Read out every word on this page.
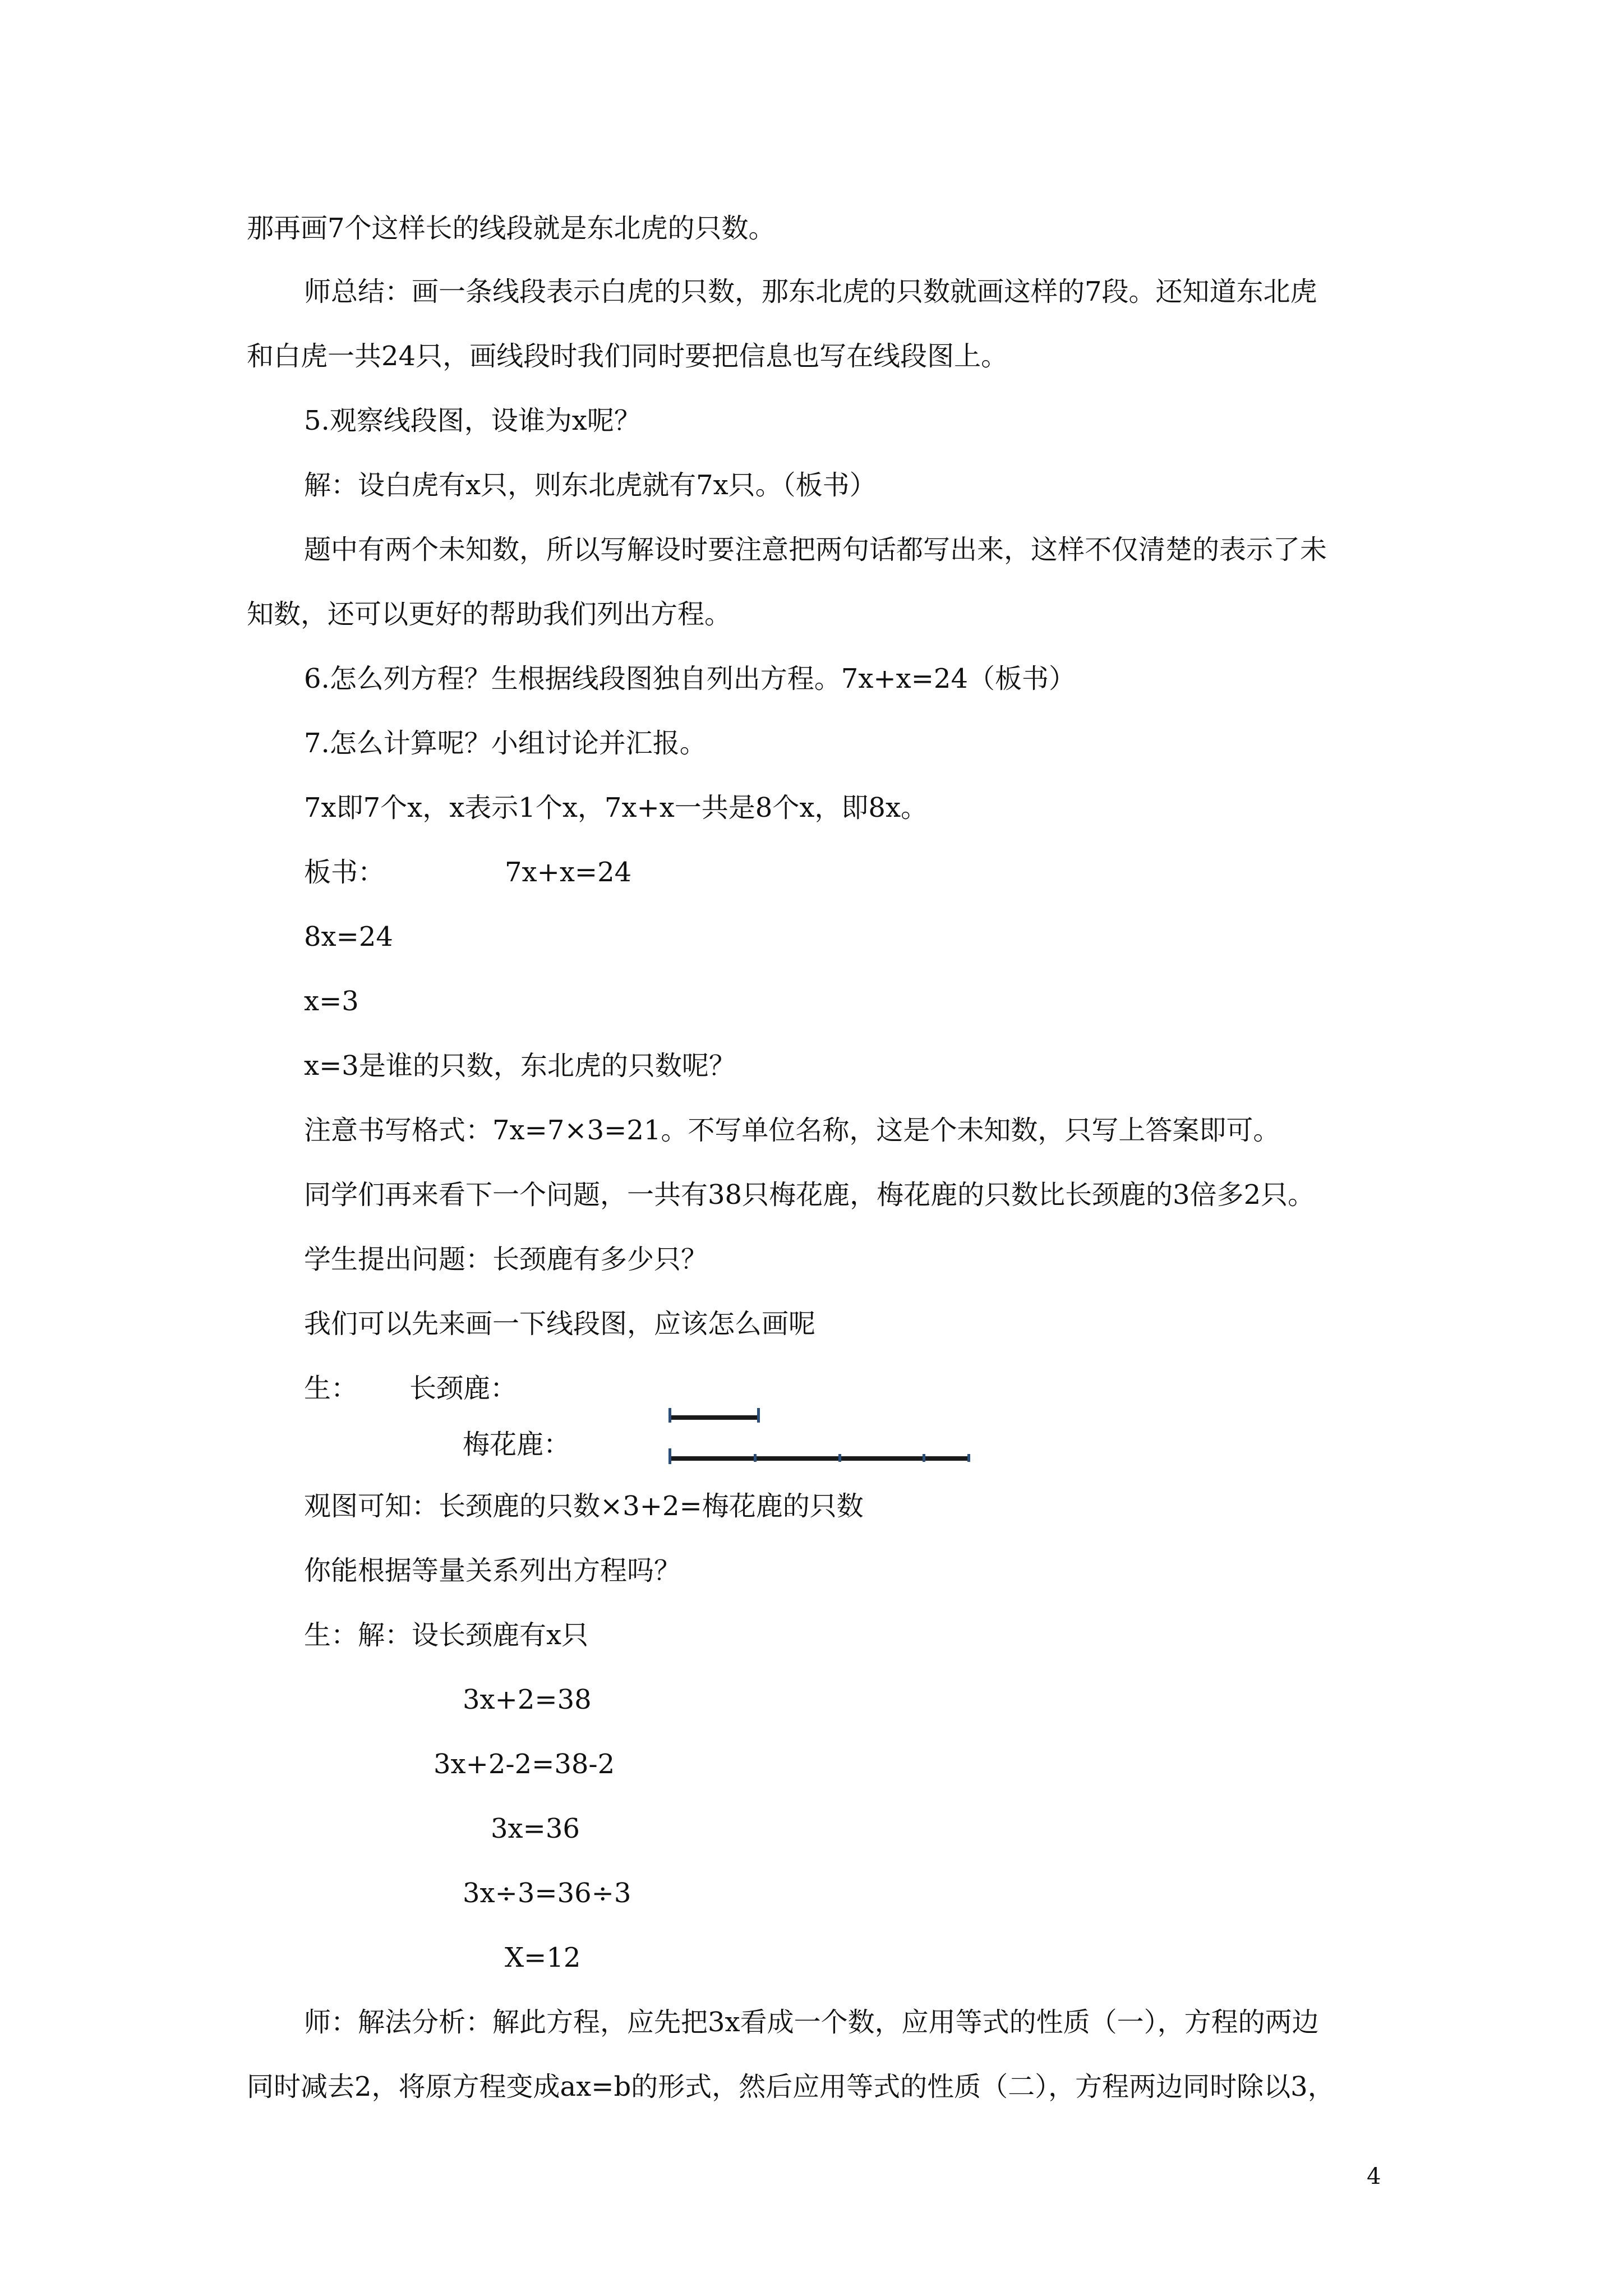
那再画7个这样长的线段就是东北虎的只数。

师总结：画一条线段表示白虎的只数，那东北虎的只数就画这样的7段。还知道东北虎

和白虎一共24只，画线段时我们同时要把信息也写在线段图上。

5.观察线段图，设谁为x呢？

解：设白虎有x只，则东北虎就有7x只。（板书）

题中有两个未知数，所以写解设时要注意把两句话都写出来，这样不仅清楚的表示了未

知数，还可以更好的帮助我们列出方程。

6.怎么列方程？生根据线段图独自列出方程。7x+x=24（板书）

7.怎么计算呢？小组讨论并汇报。

7x即7个x，x表示1个x，7x+x一共是8个x，即8x。

板书：	7x+x=24

8x=24

x=3

x=3是谁的只数，东北虎的只数呢？

注意书写格式：7x=7×3=21。不写单位名称，这是个未知数，只写上答案即可。

同学们再来看下一个问题，一共有38只梅花鹿，梅花鹿的只数比长颈鹿的3倍多2只。

学生提出问题：长颈鹿有多少只？

我们可以先来画一下线段图，应该怎么画呢

生： 长颈鹿：

梅花鹿：

观图可知：长颈鹿的只数×3+2=梅花鹿的只数

你能根据等量关系列出方程吗？

生：解：设长颈鹿有x只

3x+2=38

3x+2-2=38-2

3x=36

3x÷3=36÷3

X=12

师：解法分析：解此方程，应先把3x看成一个数，应用等式的性质（一），方程的两边

同时减去2，将原方程变成ax=b的形式，然后应用等式的性质（二），方程两边同时除以3，

4
